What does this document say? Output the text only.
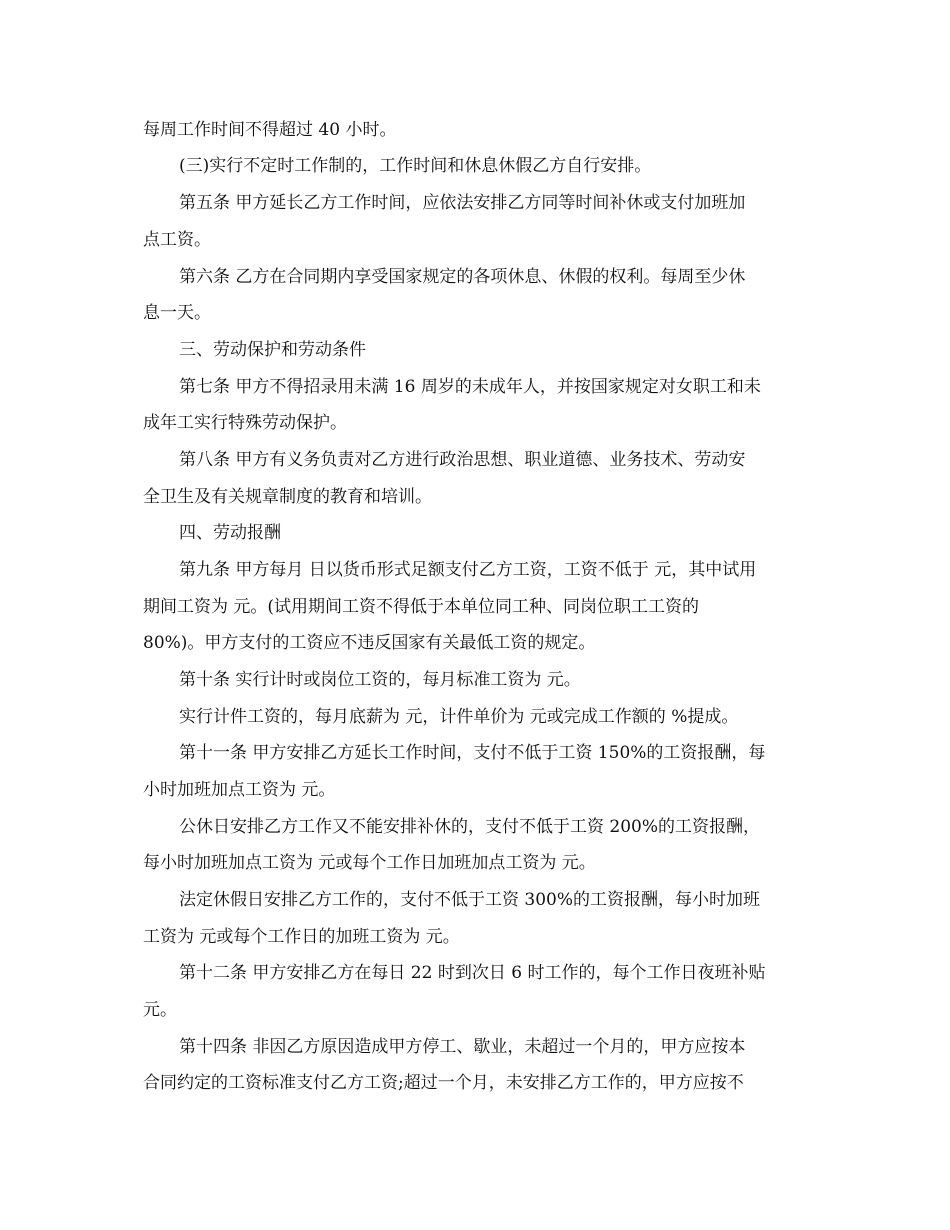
每周工作时间不得超过 40 小时。
(三)实行不定时工作制的，工作时间和休息休假乙方自行安排。
第五条 甲方延长乙方工作时间，应依法安排乙方同等时间补休或支付加班加
点工资。
第六条 乙方在合同期内享受国家规定的各项休息、休假的权利。每周至少休
息一天。
三、劳动保护和劳动条件
第七条 甲方不得招录用未满 16 周岁的未成年人，并按国家规定对女职工和未
成年工实行特殊劳动保护。
第八条 甲方有义务负责对乙方进行政治思想、职业道德、业务技术、劳动安
全卫生及有关规章制度的教育和培训。
四、劳动报酬
第九条 甲方每月 日以货币形式足额支付乙方工资，工资不低于 元，其中试用
期间工资为 元。(试用期间工资不得低于本单位同工种、同岗位职工工资的
80%)。甲方支付的工资应不违反国家有关最低工资的规定。
第十条 实行计时或岗位工资的，每月标准工资为 元。
实行计件工资的，每月底薪为 元，计件单价为 元或完成工作额的 %提成。
第十一条 甲方安排乙方延长工作时间，支付不低于工资 150%的工资报酬，每
小时加班加点工资为 元。
公休日安排乙方工作又不能安排补休的，支付不低于工资 200%的工资报酬，
每小时加班加点工资为 元或每个工作日加班加点工资为 元。
法定休假日安排乙方工作的，支付不低于工资 300%的工资报酬，每小时加班
工资为 元或每个工作日的加班工资为 元。
第十二条 甲方安排乙方在每日 22 时到次日 6 时工作的，每个工作日夜班补贴
元。
第十四条 非因乙方原因造成甲方停工、歇业，未超过一个月的，甲方应按本
合同约定的工资标准支付乙方工资;超过一个月，未安排乙方工作的，甲方应按不
